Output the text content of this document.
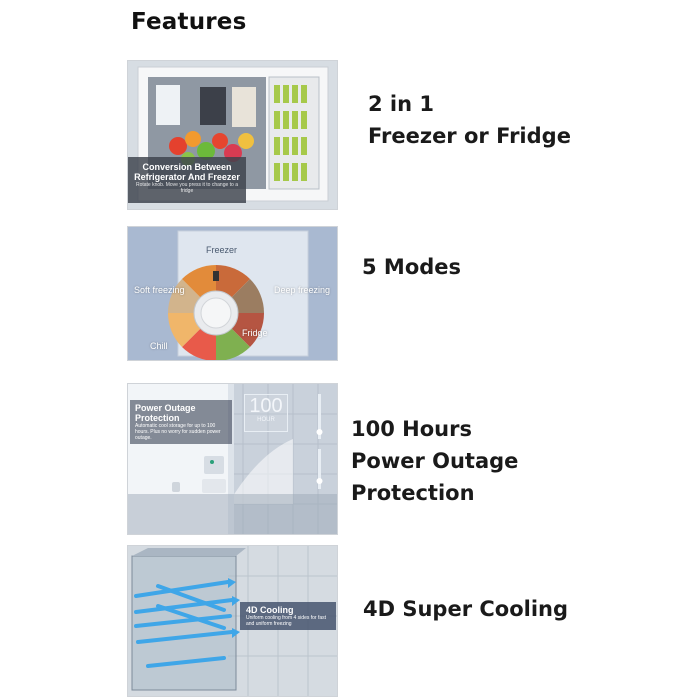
Features
Conversion Between Refrigerator And Freezer
Rotate knob. Move you press it to change to a fridge
2 in 1
Freezer or Fridge
Freezer
Soft freezing	Deep freezing
Fridge
Chill
5 Modes
Power Outage Protection
Automatic cool storage for up to 100 hours. Plus no worry for sudden power outage.
100
HOUR	100 Hours
Power Outage
Protection
4D Cooling
Uniform cooling from 4 sides for fast and uniform freezing
4D Super Cooling
